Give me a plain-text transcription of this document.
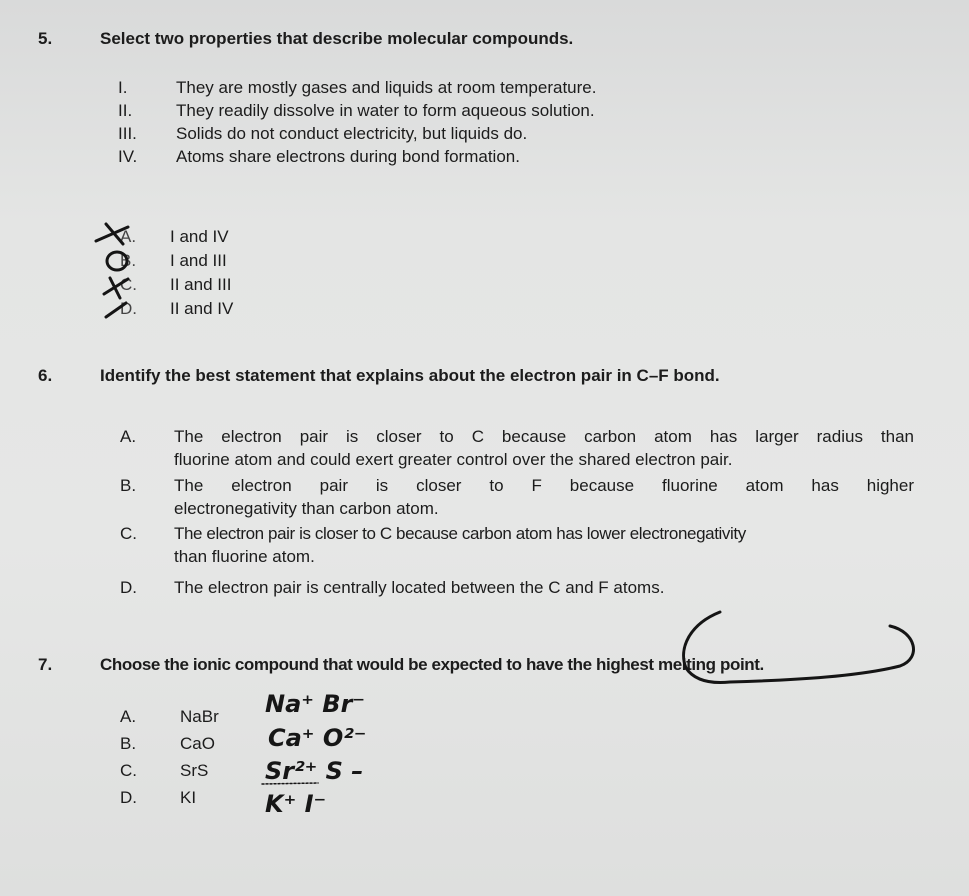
5.	Select two properties that describe molecular compounds.
I.	They are mostly gases and liquids at room temperature.
II.	They readily dissolve in water to form aqueous solution.
III. Solids do not conduct electricity, but liquids do.
IV. Atoms share electrons during bond formation.
A. I and IV
B. I and III
C. II and III
D. II and IV
6.	Identify the best statement that explains about the electron pair in C–F bond.
A. The electron pair is closer to C because carbon atom has larger radius than
fluorine atom and could exert greater control over the shared electron pair.
B. The electron pair is closer to F because fluorine atom has higher
electronegativity than carbon atom.
C. The electron pair is closer to C because carbon atom has lower electronegativity
than fluorine atom.
D. The electron pair is centrally located between the C and F atoms.
7.	Choose the ionic compound that would be expected to have the highest melting point.
A.	NaBr Na⁺ Br⁻
B.	CaO Ca⁺ O²⁻
C.	SrS Sr²⁺ S –
D.	KI	K⁺ I⁻
